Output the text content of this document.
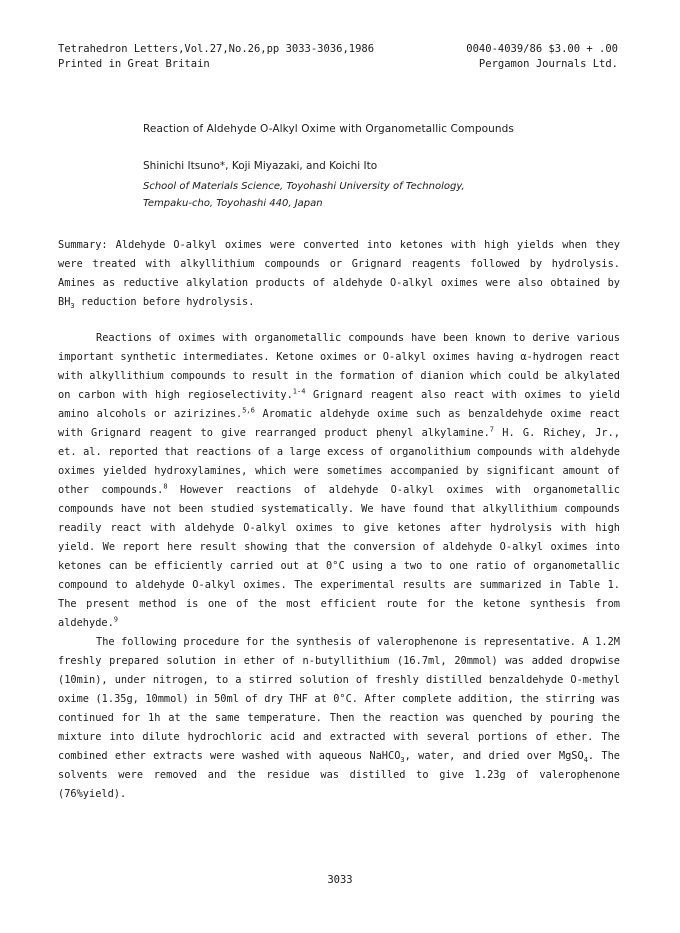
Tetrahedron Letters,Vol.27,No.26,pp 3033-3036,1986	0040-4039/86 $3.00 + .00
Printed in Great Britain	Pergamon Journals Ltd.
Reaction of Aldehyde O-Alkyl Oxime with Organometallic Compounds
Shinichi Itsuno*, Koji Miyazaki, and Koichi Ito
School of Materials Science, Toyohashi University of Technology,
Tempaku-cho, Toyohashi 440, Japan

Summary: Aldehyde O-alkyl oximes were converted into ketones with high yields when they were treated with alkyllithium compounds or Grignard reagents followed by hydrolysis. Amines as reductive alkylation products of aldehyde O-alkyl oximes were also obtained by $BH_3$ reduction before hydrolysis.

Reactions of oximes with organometallic compounds have been known to derive various important synthetic intermediates. Ketone oximes or O-alkyl oximes having α-hydrogen react with alkyllithium compounds to result in the formation of dianion which could be alkylated on carbon with high regioselectivity.$^{1-4}$ Grignard reagent also react with oximes to yield amino alcohols or azirizines.$^{5,6}$ Aromatic aldehyde oxime such as benzaldehyde oxime react with Grignard reagent to give rearranged product phenyl alkylamine.$^7$ H. G. Richey, Jr., et. al. reported that reactions of a large excess of organolithium compounds with aldehyde oximes yielded hydroxylamines, which were sometimes accompanied by significant amount of other compounds.$^8$ However reactions of aldehyde O-alkyl oximes with organometallic compounds have not been studied systematically. We have found that alkyllithium compounds readily react with aldehyde O-alkyl oximes to give ketones after hydrolysis with high yield. We report here result showing that the conversion of aldehyde O-alkyl oximes into ketones can be efficiently carried out at 0°C using a two to one ratio of organometallic compound to aldehyde O-alkyl oximes. The experimental results are summarized in Table 1. The present method is one of the most efficient route for the ketone synthesis from aldehyde.$^9$

The following procedure for the synthesis of valerophenone is representative. A 1.2M freshly prepared solution in ether of n-butyllithium (16.7ml, 20mmol) was added dropwise (10min), under nitrogen, to a stirred solution of freshly distilled benzaldehyde O-methyl oxime (1.35g, 10mmol) in 50ml of dry THF at 0°C. After complete addition, the stirring was continued for 1h at the same temperature. Then the reaction was quenched by pouring the mixture into dilute hydrochloric acid and extracted with several portions of ether. The combined ether extracts were washed with aqueous NaHCO$_3$, water, and dried over MgSO$_4$. The solvents were removed and the residue was distilled to give 1.23g of valerophenone (76%yield).

3033
